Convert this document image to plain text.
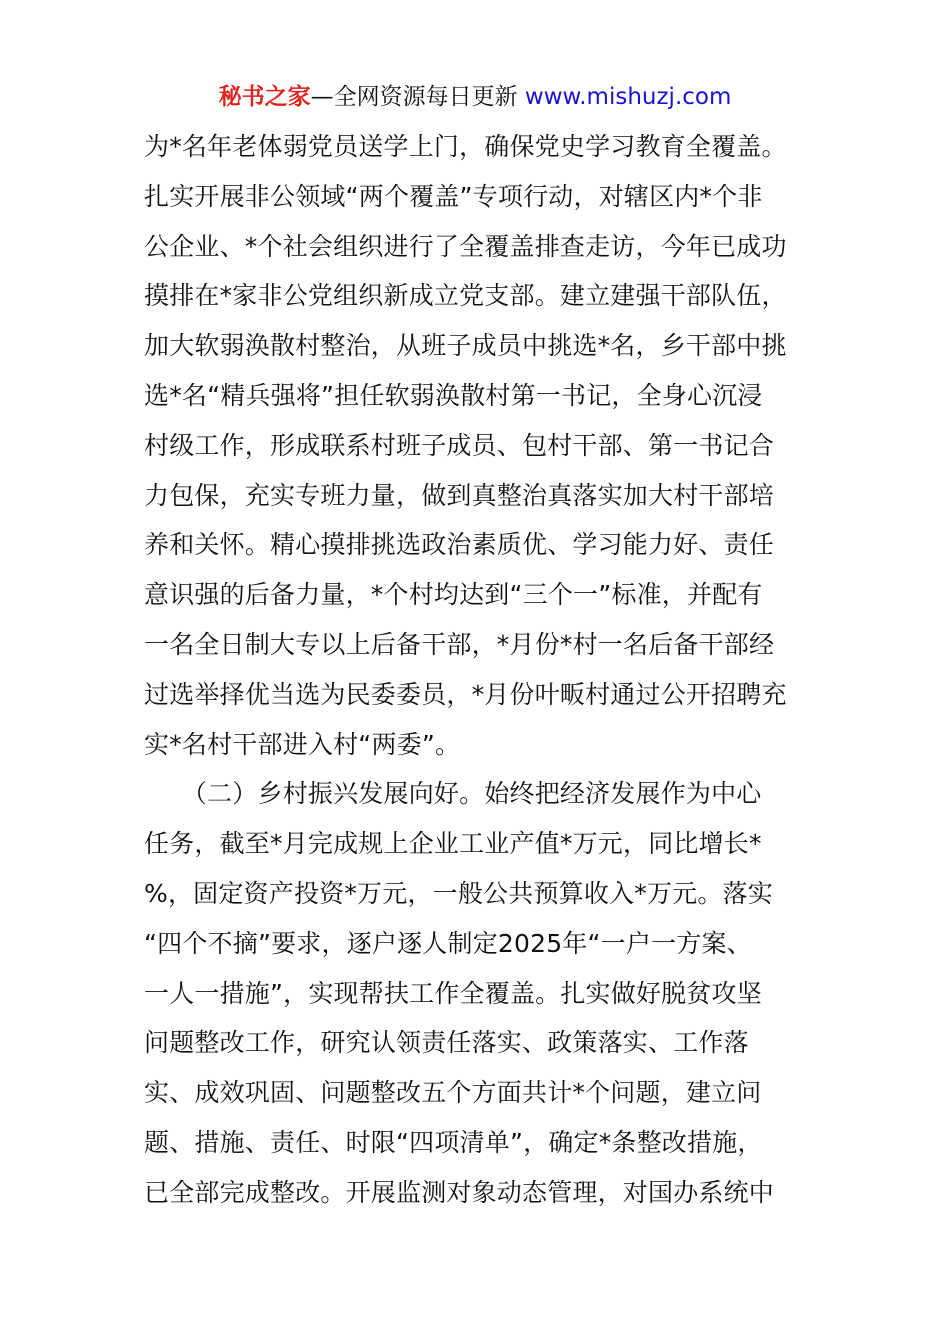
秘书之家—全网资源每日更新 www.mishuzj.com
为*名年老体弱党员送学上门，确保党史学习教育全覆盖。
扎实开展非公领域“两个覆盖”专项行动，对辖区内*个非
公企业、*个社会组织进行了全覆盖排查走访，今年已成功
摸排在*家非公党组织新成立党支部。建立建强干部队伍，
加大软弱涣散村整治，从班子成员中挑选*名，乡干部中挑
选*名“精兵强将”担任软弱涣散村第一书记，全身心沉浸
村级工作，形成联系村班子成员、包村干部、第一书记合
力包保，充实专班力量，做到真整治真落实加大村干部培
养和关怀。精心摸排挑选政治素质优、学习能力好、责任
意识强的后备力量，*个村均达到“三个一”标准，并配有
一名全日制大专以上后备干部，*月份*村一名后备干部经
过选举择优当选为民委委员，*月份叶畈村通过公开招聘充
实*名村干部进入村“两委”。
　　（二）乡村振兴发展向好。始终把经济发展作为中心
任务，截至*月完成规上企业工业产值*万元，同比增长*
%，固定资产投资*万元，一般公共预算收入*万元。落实
“四个不摘”要求，逐户逐人制定2025年“一户一方案、
一人一措施”，实现帮扶工作全覆盖。扎实做好脱贫攻坚
问题整改工作，研究认领责任落实、政策落实、工作落
实、成效巩固、问题整改五个方面共计*个问题，建立问
题、措施、责任、时限“四项清单”，确定*条整改措施，
已全部完成整改。开展监测对象动态管理，对国办系统中
